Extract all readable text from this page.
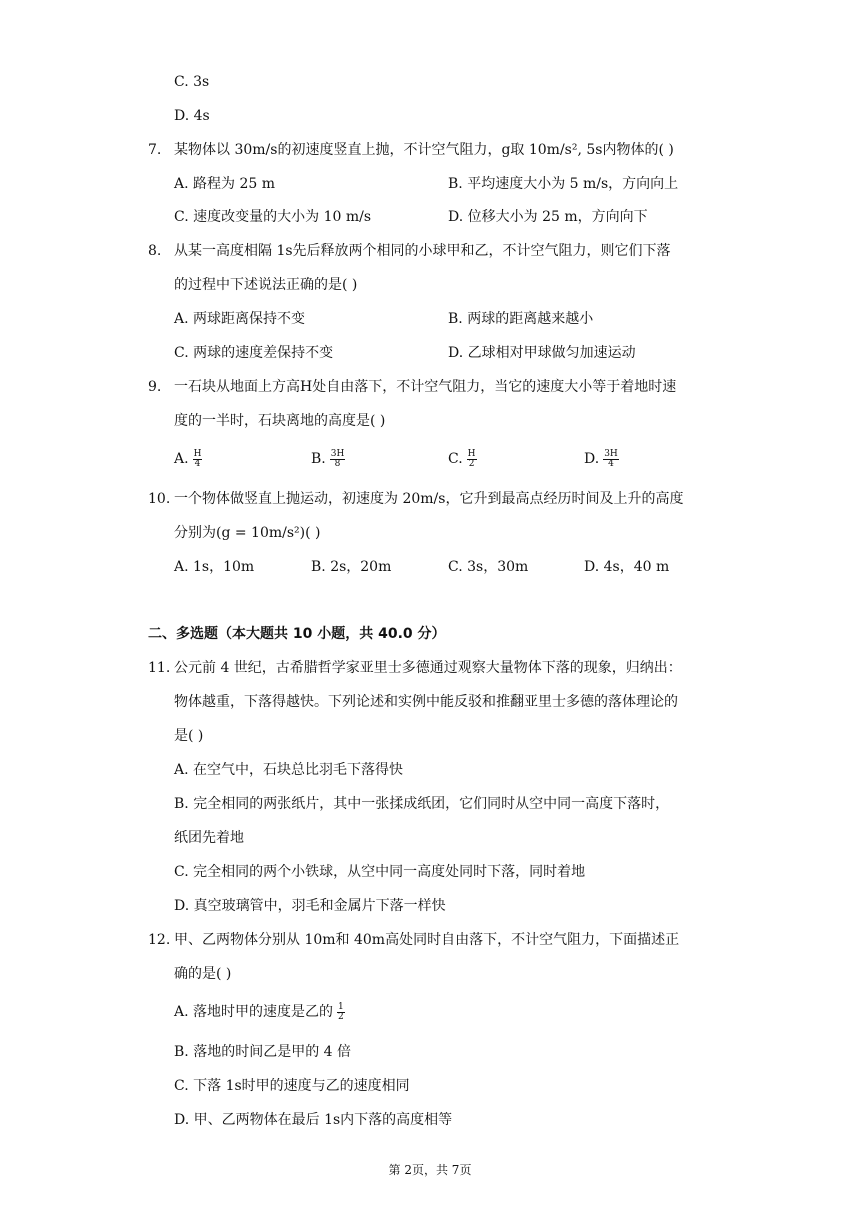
C. 3s
D. 4s
7. 某物体以 30m/s的初速度竖直上抛，不计空气阻力，g取 10m/s², 5s内物体的( )
A. 路程为 25 m	B. 平均速度大小为 5 m/s，方向向上
C. 速度改变量的大小为 10 m/s	D. 位移大小为 25 m，方向向下
8. 从某一高度相隔 1s先后释放两个相同的小球甲和乙，不计空气阻力，则它们下落
的过程中下述说法正确的是( )
A. 两球距离保持不变	B. 两球的距离越来越小
C. 两球的速度差保持不变	D. 乙球相对甲球做匀加速运动
9. 一石块从地面上方高H处自由落下，不计空气阻力，当它的速度大小等于着地时速
度的一半时，石块离地的高度是( )
A. $\frac{H}{4}$	B. $\frac{3H}{8}$	C. $\frac{H}{2}$	D. $\frac{3H}{4}$
10. 一个物体做竖直上抛运动，初速度为 20m/s，它升到最高点经历时间及上升的高度
分别为(g = 10m/s²)( )
A. 1s，10m	B. 2s，20m	C. 3s，30m	D. 4s，40 m
二、多选题（本大题共 10 小题，共 40.0 分）
11. 公元前 4 世纪，古希腊哲学家亚里士多德通过观察大量物体下落的现象，归纳出：
物体越重，下落得越快。下列论述和实例中能反驳和推翻亚里士多德的落体理论的
是( )
A. 在空气中，石块总比羽毛下落得快
B. 完全相同的两张纸片，其中一张揉成纸团，它们同时从空中同一高度下落时，
纸团先着地
C. 完全相同的两个小铁球，从空中同一高度处同时下落，同时着地
D. 真空玻璃管中，羽毛和金属片下落一样快
12. 甲、乙两物体分别从 10m和 40m高处同时自由落下，不计空气阻力，下面描述正
确的是( )
A. 落地时甲的速度是乙的 $\frac{1}{2}$
B. 落地的时间乙是甲的 4 倍
C. 下落 1s时甲的速度与乙的速度相同
D. 甲、乙两物体在最后 1s内下落的高度相等
第 2页，共 7页
